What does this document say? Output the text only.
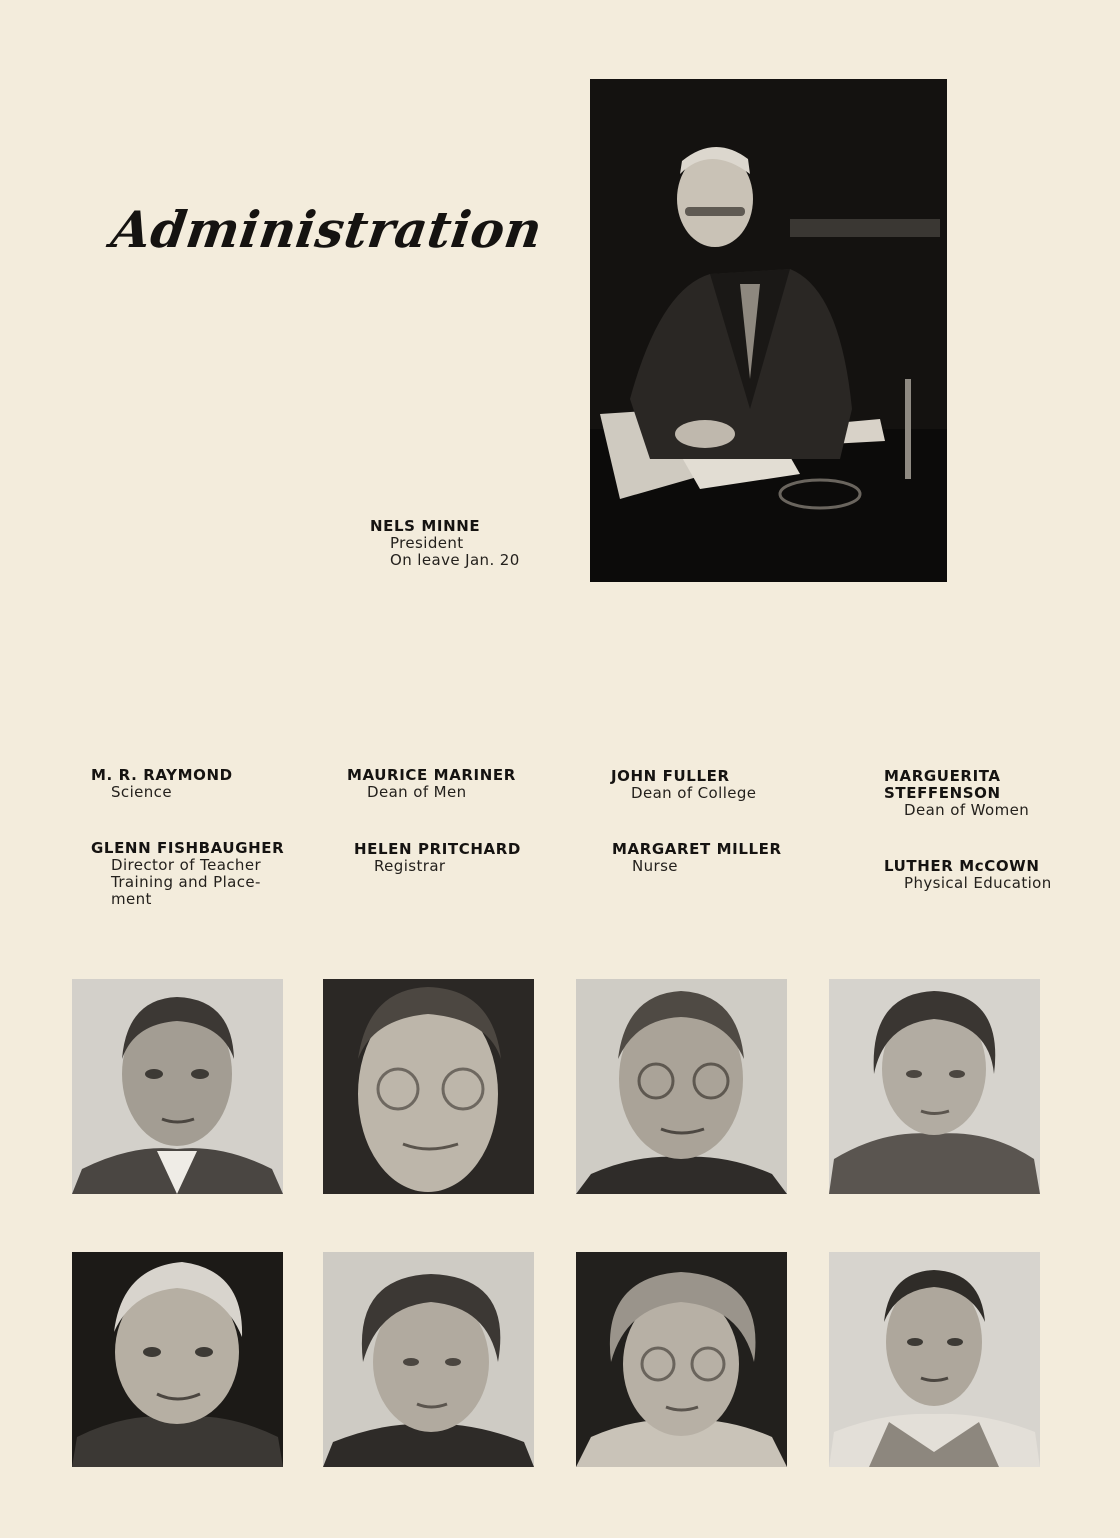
Administration
NELS MINNE
President
On leave Jan. 20
M. R. RAYMOND
Science
MAURICE MARINER
Dean of Men
JOHN FULLER
Dean of College
MARGUERITA
STEFFENSON
Dean of Women
GLENN FISHBAUGHER
Director of Teacher
Training and Place-
ment
HELEN PRITCHARD
Registrar
MARGARET MILLER
Nurse	LUTHER McCOWN
Physical Education
